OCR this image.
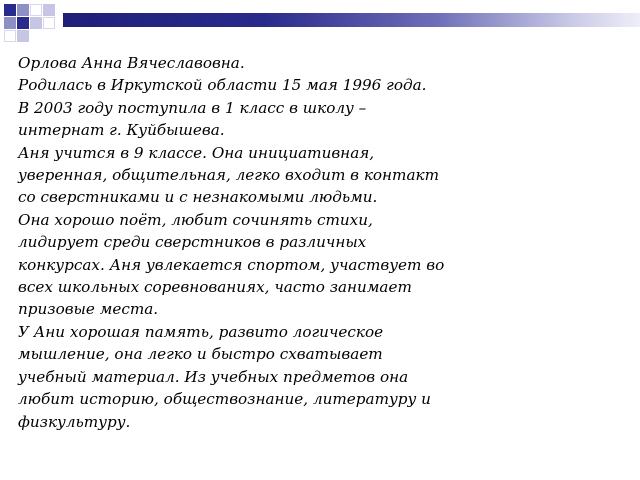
Орлова Анна Вячеславовна.
Родилась в Иркутской области 15 мая 1996 года.
В 2003 году поступила в 1 класс в школу –
интернат г. Куйбышева.
Аня учится в 9 классе. Она инициативная,
уверенная, общительная, легко входит в контакт
со сверстниками и с незнакомыми людьми.
Она хорошо поёт, любит сочинять стихи,
лидирует среди сверстников в различных
конкурсах. Аня увлекается спортом, участвует во
всех школьных соревнованиях, часто занимает
призовые места.
У Ани хорошая память, развито логическое
мышление, она легко и быстро схватывает
учебный материал. Из учебных предметов она
любит историю, обществознание, литературу и
физкультуру.
